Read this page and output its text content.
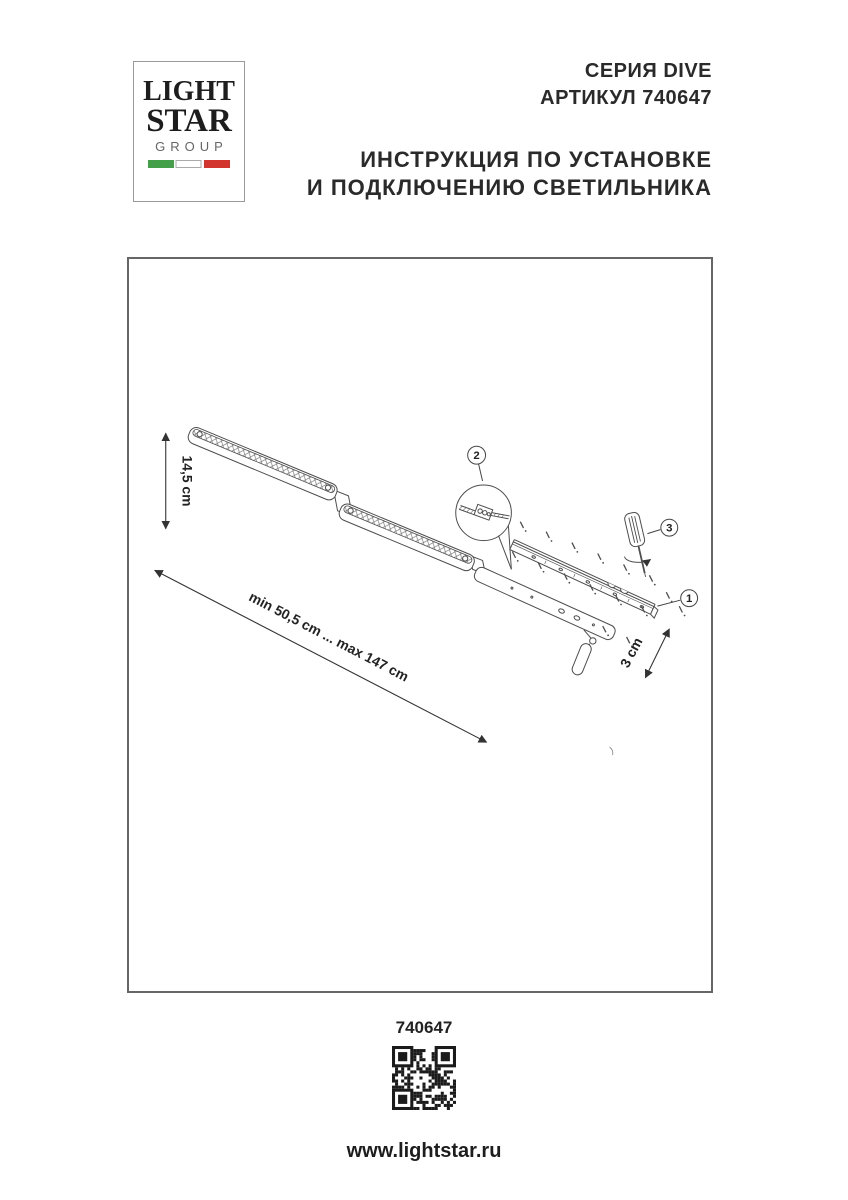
LIGHT
STAR
GROUP
СЕРИЯ DIVE
АРТИКУЛ 740647
ИНСТРУКЦИЯ ПО УСТАНОВКЕ
И ПОДКЛЮЧЕНИЮ СВЕТИЛЬНИКА
14,5 cm
min 50,5 cm ... max 147 cm	3 cm
2
3
1
740647
www.lightstar.ru
